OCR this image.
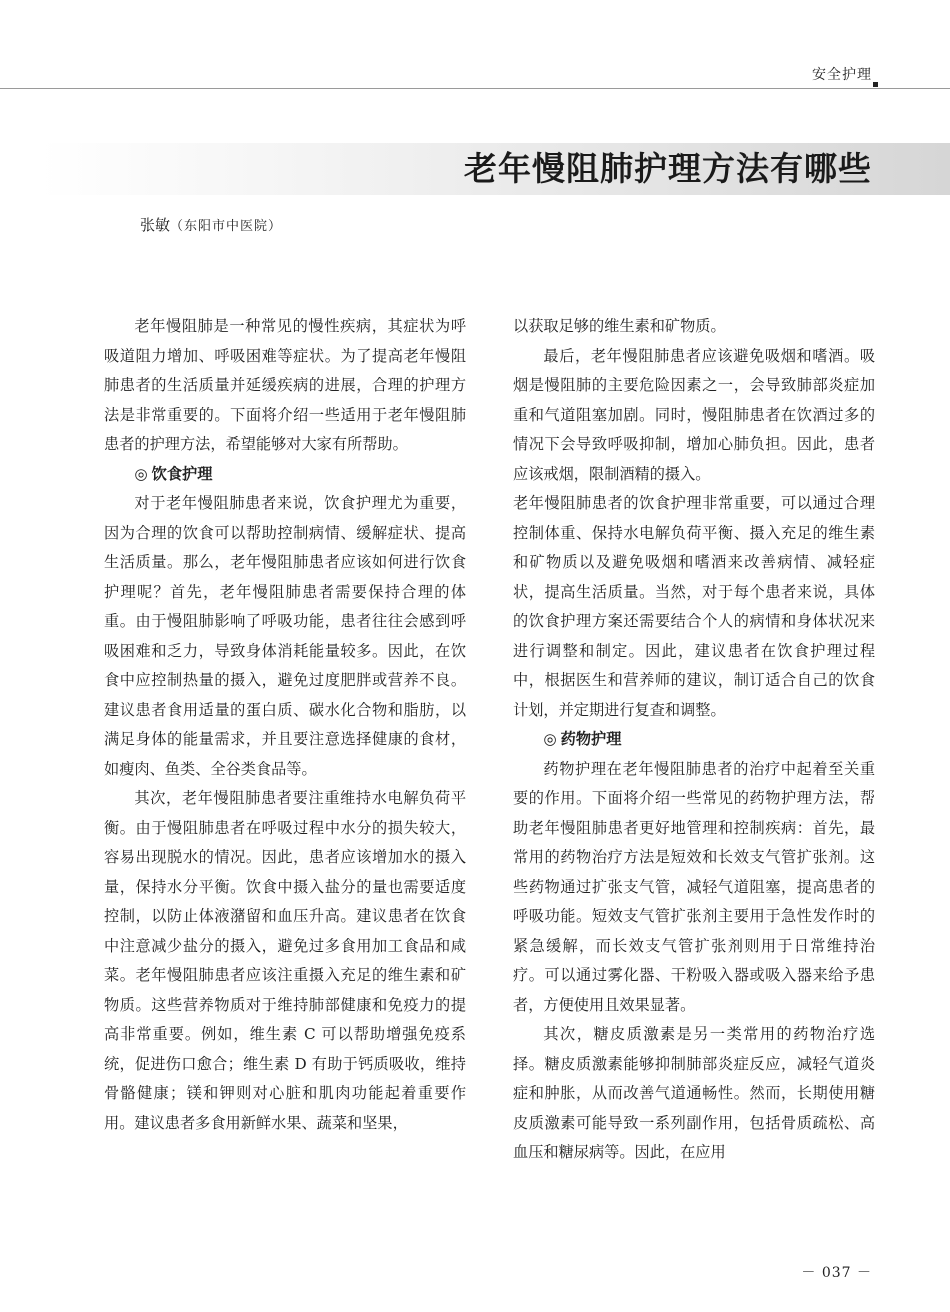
安全护理
老年慢阻肺护理方法有哪些
张敏（东阳市中医院）

老年慢阻肺是一种常见的慢性疾病，其症状为呼吸道阻力增加、呼吸困难等症状。为了提高老年慢阻肺患者的生活质量并延缓疾病的进展，合理的护理方法是非常重要的。下面将介绍一些适用于老年慢阻肺患者的护理方法，希望能够对大家有所帮助。

◎ 饮食护理

对于老年慢阻肺患者来说，饮食护理尤为重要，因为合理的饮食可以帮助控制病情、缓解症状、提高生活质量。那么，老年慢阻肺患者应该如何进行饮食护理呢？首先，老年慢阻肺患者需要保持合理的体重。由于慢阻肺影响了呼吸功能，患者往往会感到呼吸困难和乏力，导致身体消耗能量较多。因此，在饮食中应控制热量的摄入，避免过度肥胖或营养不良。建议患者食用适量的蛋白质、碳水化合物和脂肪，以满足身体的能量需求，并且要注意选择健康的食材，如瘦肉、鱼类、全谷类食品等。

其次，老年慢阻肺患者要注重维持水电解负荷平衡。由于慢阻肺患者在呼吸过程中水分的损失较大，容易出现脱水的情况。因此，患者应该增加水的摄入量，保持水分平衡。饮食中摄入盐分的量也需要适度控制，以防止体液潴留和血压升高。建议患者在饮食中注意减少盐分的摄入，避免过多食用加工食品和咸菜。老年慢阻肺患者应该注重摄入充足的维生素和矿物质。这些营养物质对于维持肺部健康和免疫力的提高非常重要。例如，维生素 C 可以帮助增强免疫系统，促进伤口愈合；维生素 D 有助于钙质吸收，维持骨骼健康；镁和钾则对心脏和肌肉功能起着重要作用。建议患者多食用新鲜水果、蔬菜和坚果，

以获取足够的维生素和矿物质。

最后，老年慢阻肺患者应该避免吸烟和嗜酒。吸烟是慢阻肺的主要危险因素之一，会导致肺部炎症加重和气道阻塞加剧。同时，慢阻肺患者在饮酒过多的情况下会导致呼吸抑制，增加心肺负担。因此，患者应该戒烟，限制酒精的摄入。

老年慢阻肺患者的饮食护理非常重要，可以通过合理控制体重、保持水电解负荷平衡、摄入充足的维生素和矿物质以及避免吸烟和嗜酒来改善病情、减轻症状，提高生活质量。当然，对于每个患者来说，具体的饮食护理方案还需要结合个人的病情和身体状况来进行调整和制定。因此，建议患者在饮食护理过程中，根据医生和营养师的建议，制订适合自己的饮食计划，并定期进行复查和调整。

◎ 药物护理

药物护理在老年慢阻肺患者的治疗中起着至关重要的作用。下面将介绍一些常见的药物护理方法，帮助老年慢阻肺患者更好地管理和控制疾病：首先，最常用的药物治疗方法是短效和长效支气管扩张剂。这些药物通过扩张支气管，减轻气道阻塞，提高患者的呼吸功能。短效支气管扩张剂主要用于急性发作时的紧急缓解，而长效支气管扩张剂则用于日常维持治疗。可以通过雾化器、干粉吸入器或吸入器来给予患者，方便使用且效果显著。

其次，糖皮质激素是另一类常用的药物治疗选择。糖皮质激素能够抑制肺部炎症反应，减轻气道炎症和肿胀，从而改善气道通畅性。然而，长期使用糖皮质激素可能导致一系列副作用，包括骨质疏松、高血压和糖尿病等。因此，在应用

－ 037 －
